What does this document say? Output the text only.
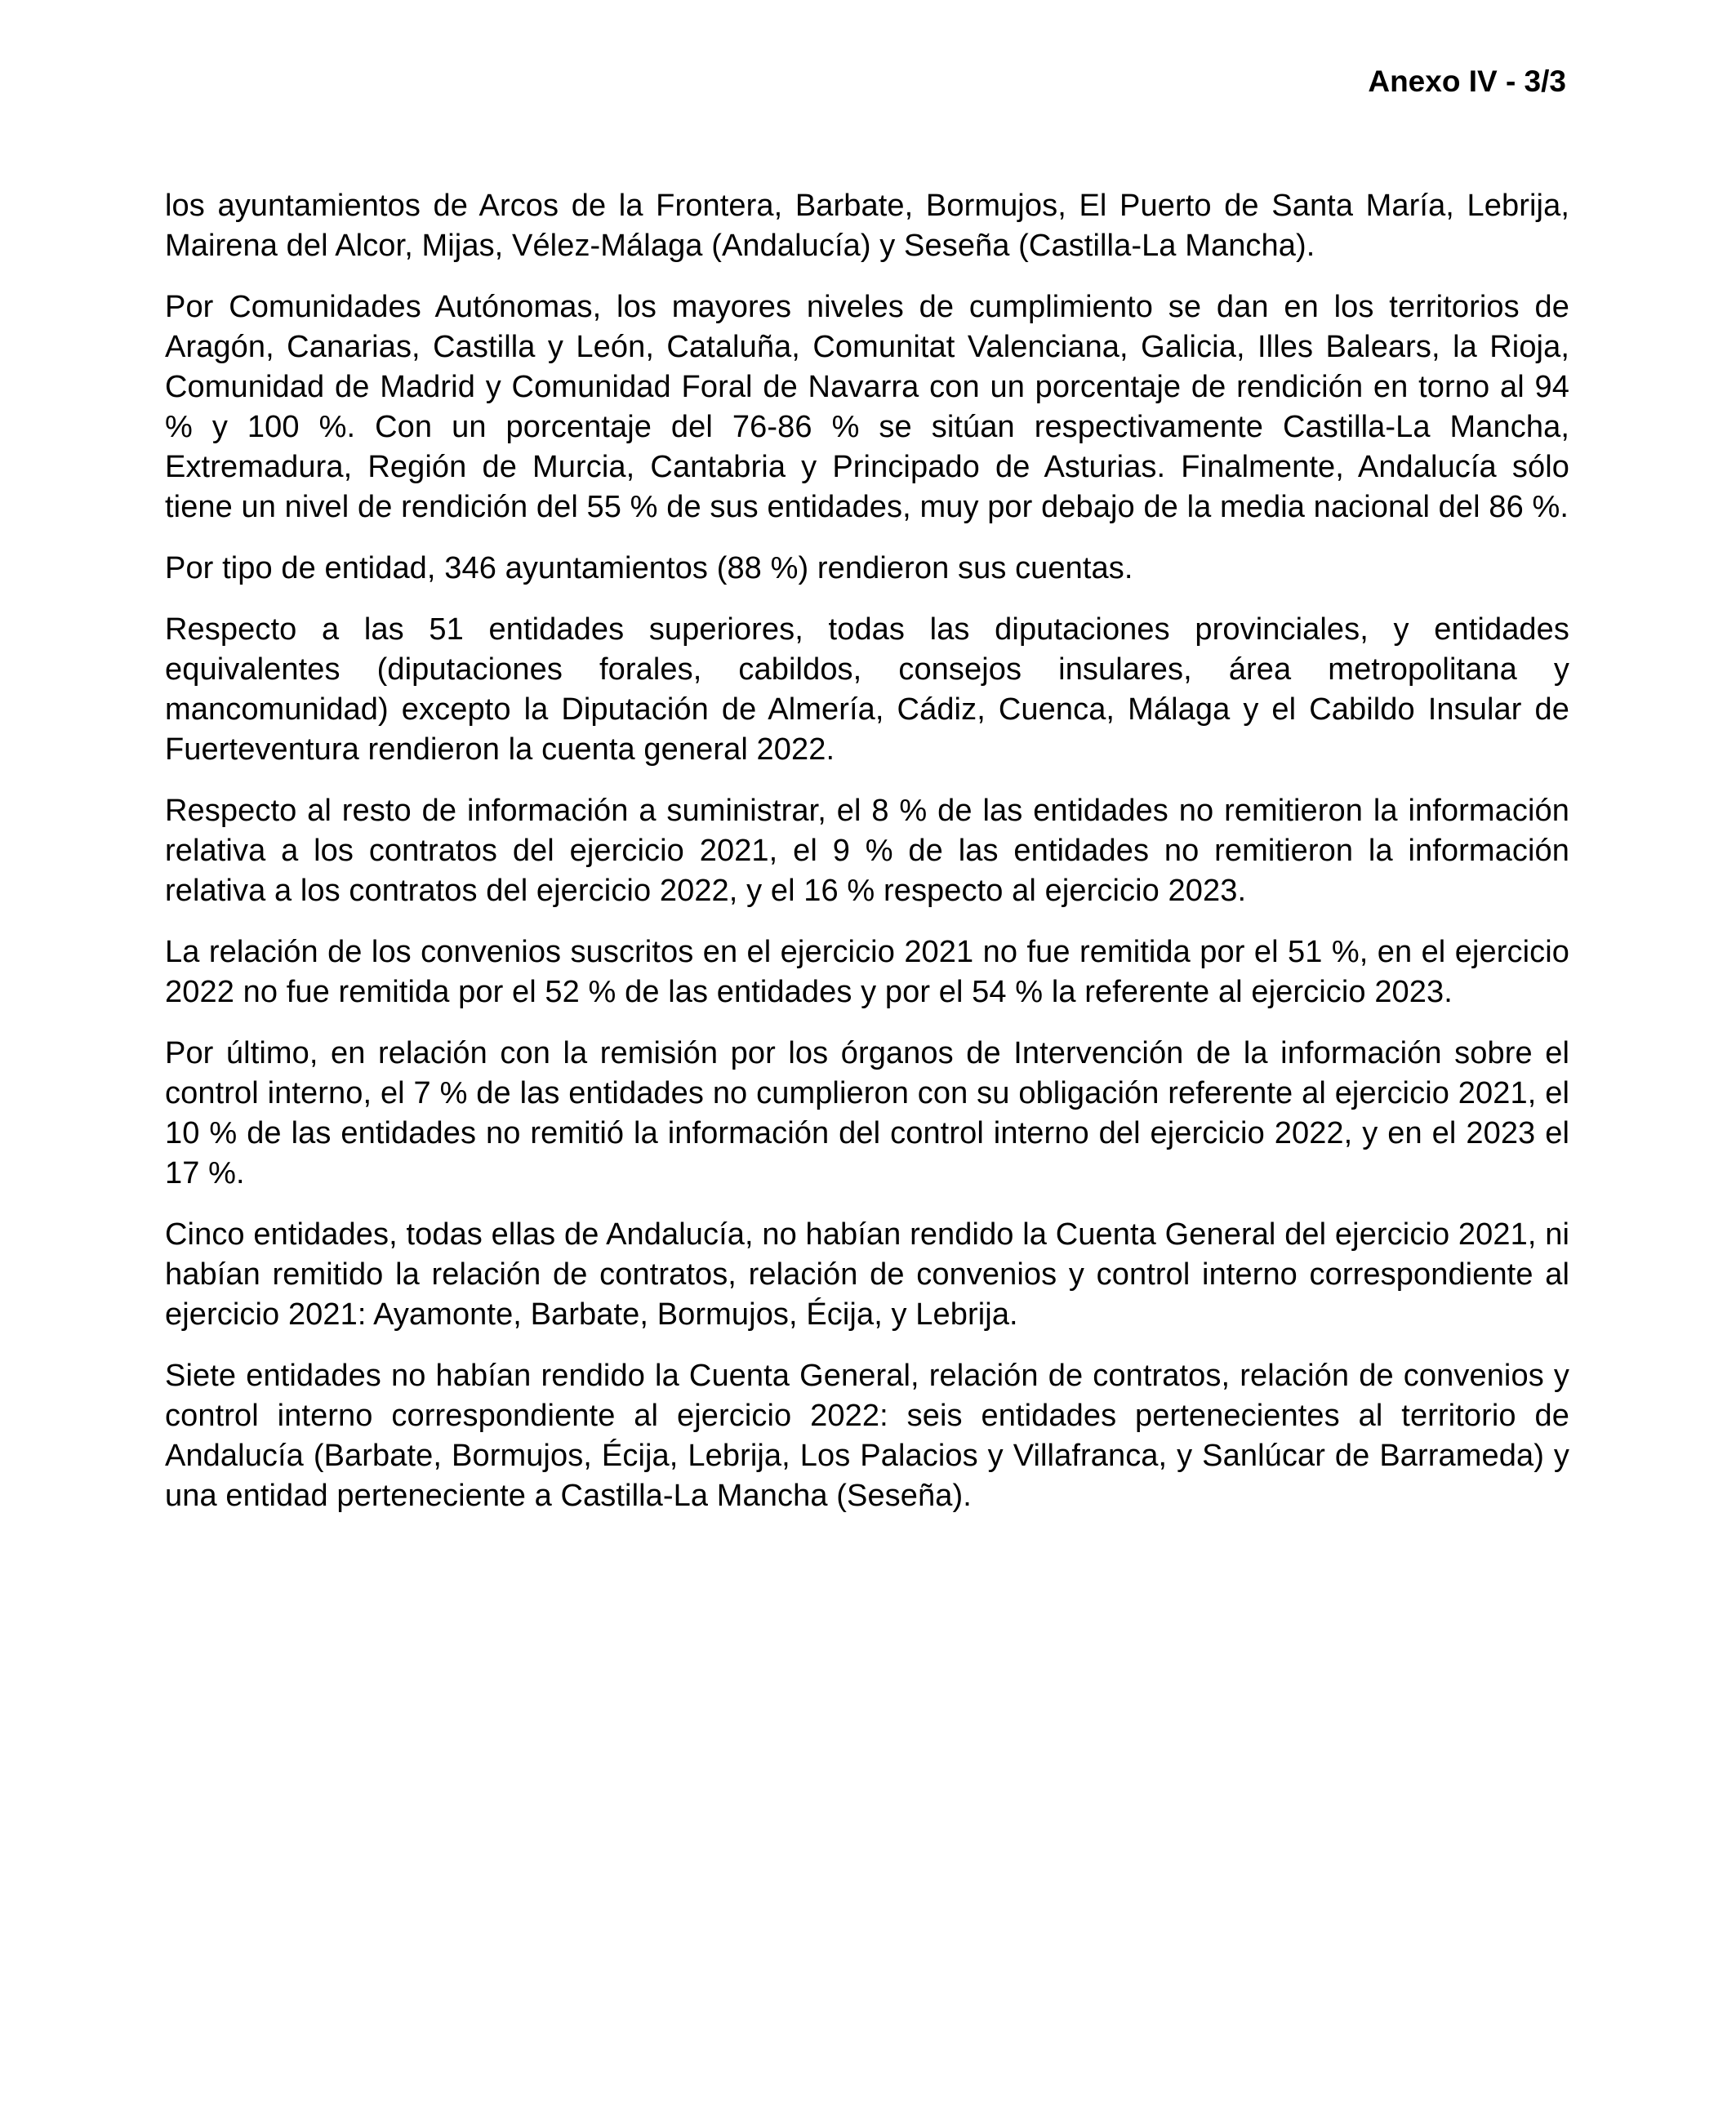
Anexo IV - 3/3

los ayuntamientos de Arcos de la Frontera, Barbate, Bormujos, El Puerto de Santa María, Lebrija, Mairena del Alcor, Mijas, Vélez-Málaga (Andalucía) y Seseña (Castilla-La Mancha).

Por Comunidades Autónomas, los mayores niveles de cumplimiento se dan en los territorios de Aragón, Canarias, Castilla y León, Cataluña, Comunitat Valenciana, Galicia, Illes Balears, la Rioja, Comunidad de Madrid y Comunidad Foral de Navarra con un porcentaje de rendición en torno al 94 % y 100 %. Con un porcentaje del 76-86 % se sitúan respectivamente Castilla-La Mancha, Extremadura, Región de Murcia, Cantabria y Principado de Asturias. Finalmente, Andalucía sólo tiene un nivel de rendición del 55 % de sus entidades, muy por debajo de la media nacional del 86 %.

Por tipo de entidad, 346 ayuntamientos (88 %) rendieron sus cuentas.

Respecto a las 51 entidades superiores, todas las diputaciones provinciales, y entidades equivalentes (diputaciones forales, cabildos, consejos insulares, área metropolitana y mancomunidad) excepto la Diputación de Almería, Cádiz, Cuenca, Málaga y el Cabildo Insular de Fuerteventura rendieron la cuenta general 2022.

Respecto al resto de información a suministrar, el 8 % de las entidades no remitieron la información relativa a los contratos del ejercicio 2021, el 9 % de las entidades no remitieron la información relativa a los contratos del ejercicio 2022, y el 16 % respecto al ejercicio 2023.

La relación de los convenios suscritos en el ejercicio 2021 no fue remitida por el 51 %, en el ejercicio 2022 no fue remitida por el 52 % de las entidades y por el 54 % la referente al ejercicio 2023.

Por último, en relación con la remisión por los órganos de Intervención de la información sobre el control interno, el 7 % de las entidades no cumplieron con su obligación referente al ejercicio 2021, el 10 % de las entidades no remitió la información del control interno del ejercicio 2022, y en el 2023 el 17 %.

Cinco entidades, todas ellas de Andalucía, no habían rendido la Cuenta General del ejercicio 2021, ni habían remitido la relación de contratos, relación de convenios y control interno correspondiente al ejercicio 2021: Ayamonte, Barbate, Bormujos, Écija, y Lebrija.

Siete entidades no habían rendido la Cuenta General, relación de contratos, relación de convenios y control interno correspondiente al ejercicio 2022: seis entidades pertenecientes al territorio de Andalucía (Barbate, Bormujos, Écija, Lebrija, Los Palacios y Villafranca, y Sanlúcar de Barrameda) y una entidad perteneciente a Castilla-La Mancha (Seseña).
